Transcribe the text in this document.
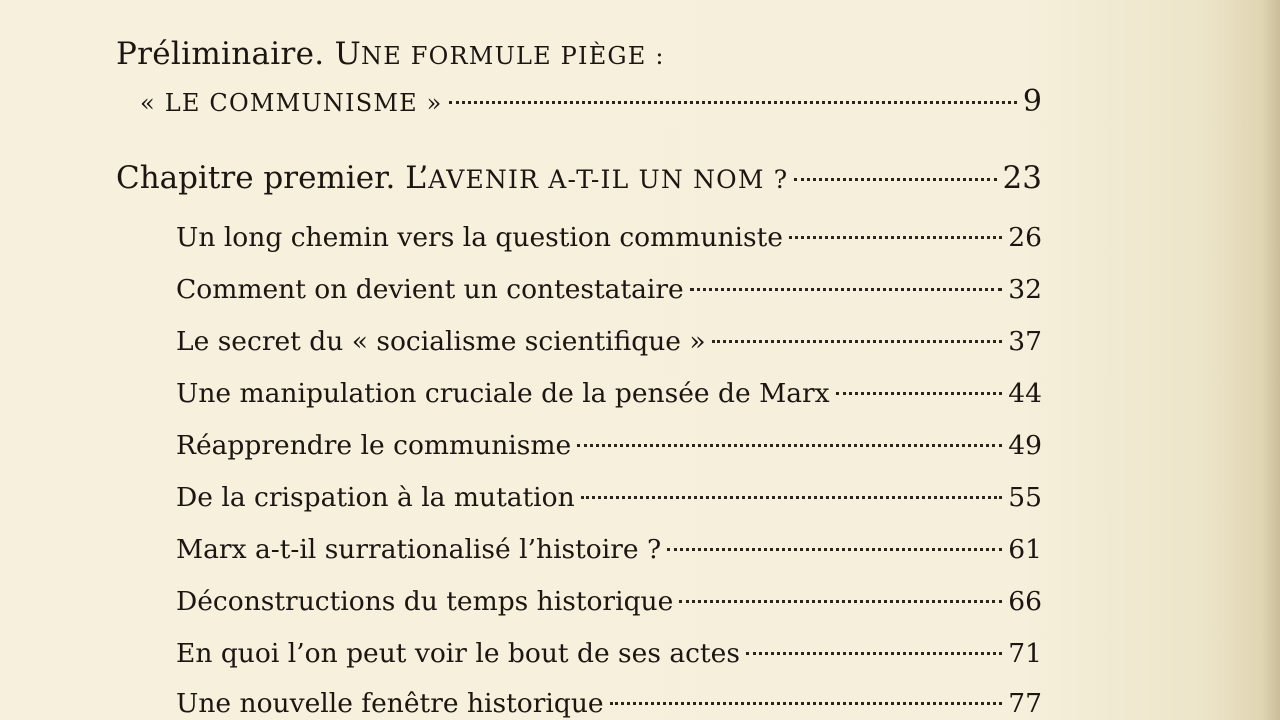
Préliminaire. UNE FORMULE PIÈGE :
« LE COMMUNISME »	9
Chapitre premier. L’AVENIR A-T-IL UN NOM ?	23
Un long chemin vers la question communiste	26
Comment on devient un contestataire	32
Le secret du « socialisme scientifique »	37
Une manipulation cruciale de la pensée de Marx	44
Réapprendre le communisme	49
De la crispation à la mutation	55
Marx a-t-il surrationalisé l’histoire ?	61
Déconstructions du temps historique	66
En quoi l’on peut voir le bout de ses actes	71
Une nouvelle fenêtre historique	77
